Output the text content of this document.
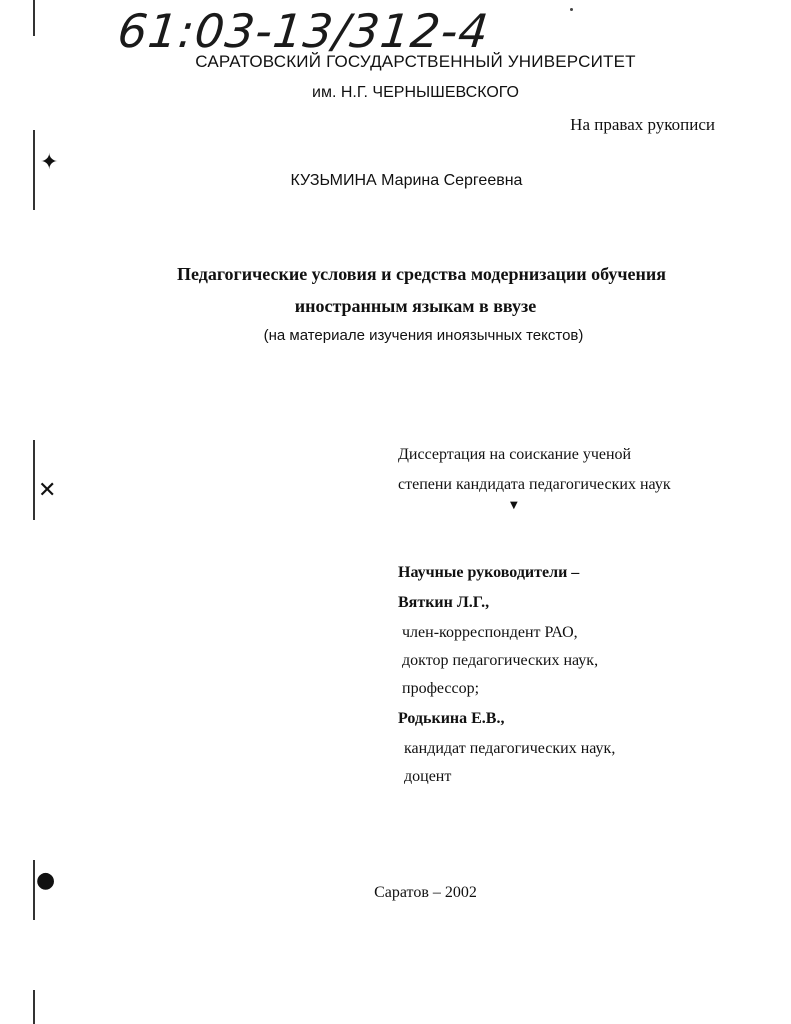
✦
✕
●
▼
61:03-13/312-4
САРАТОВСКИЙ ГОСУДАРСТВЕННЫЙ УНИВЕРСИТЕТ
им. Н.Г. ЧЕРНЫШЕВСКОГО
На правах рукописи
КУЗЬМИНА Марина Сергеевна
Педагогические условия и средства модернизации обучения
иностранным языкам в ввузе
(на материале изучения иноязычных текстов)
Диссертация на соискание ученой
степени кандидата педагогических наук
Научные руководители –
Вяткин Л.Г.,
член-корреспондент РАО,
доктор педагогических наук,
профессор;
Родькина Е.В.,
кандидат педагогических наук,
доцент
Саратов – 2002
